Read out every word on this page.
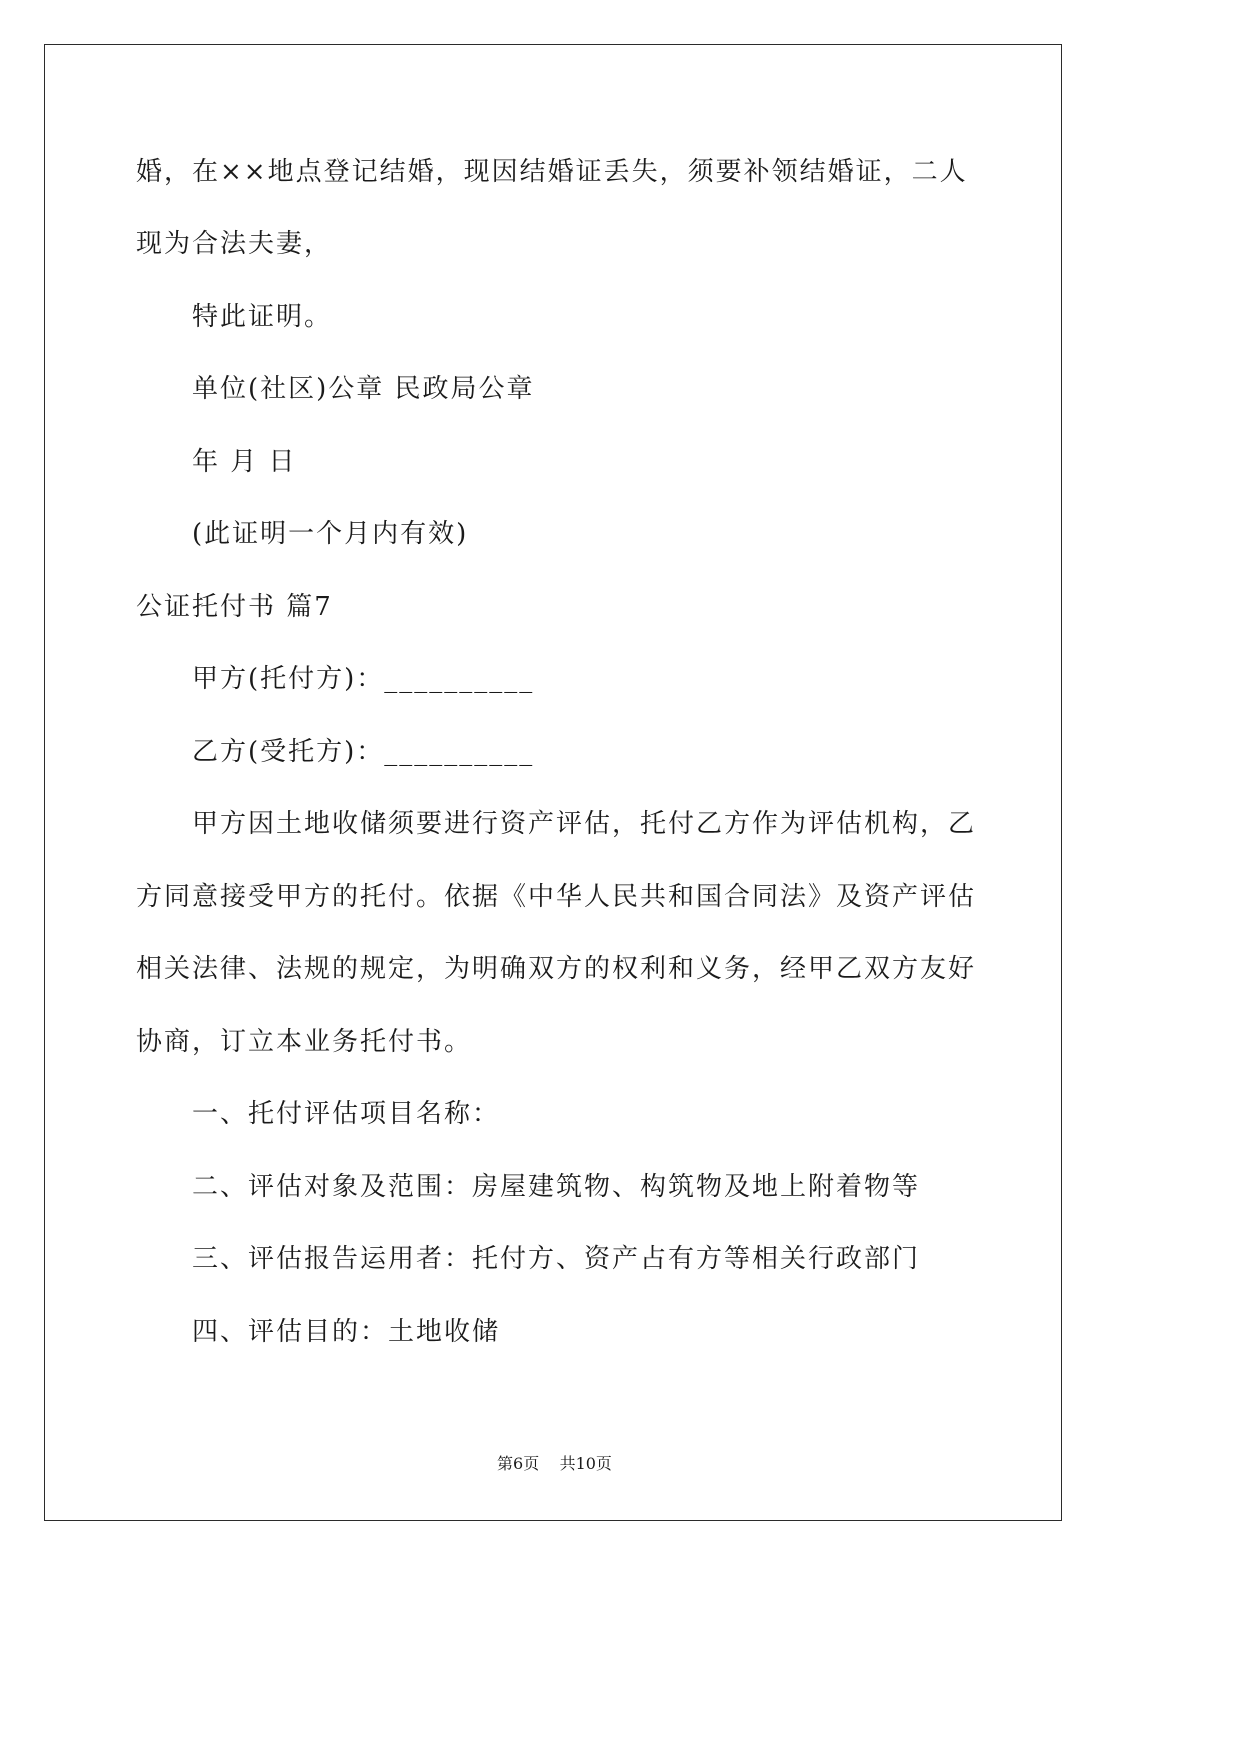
婚，在××地点登记结婚，现因结婚证丢失，须要补领结婚证，二人
现为合法夫妻，
特此证明。
单位(社区)公章 民政局公章
年 月 日
(此证明一个月内有效)
公证托付书 篇7
甲方(托付方)：__________
乙方(受托方)：__________
甲方因土地收储须要进行资产评估，托付乙方作为评估机构，乙
方同意接受甲方的托付。依据《中华人民共和国合同法》及资产评估
相关法律、法规的规定，为明确双方的权利和义务，经甲乙双方友好
协商，订立本业务托付书。
一、托付评估项目名称：
二、评估对象及范围：房屋建筑物、构筑物及地上附着物等
三、评估报告运用者：托付方、资产占有方等相关行政部门
四、评估目的：土地收储
第6页    共10页
